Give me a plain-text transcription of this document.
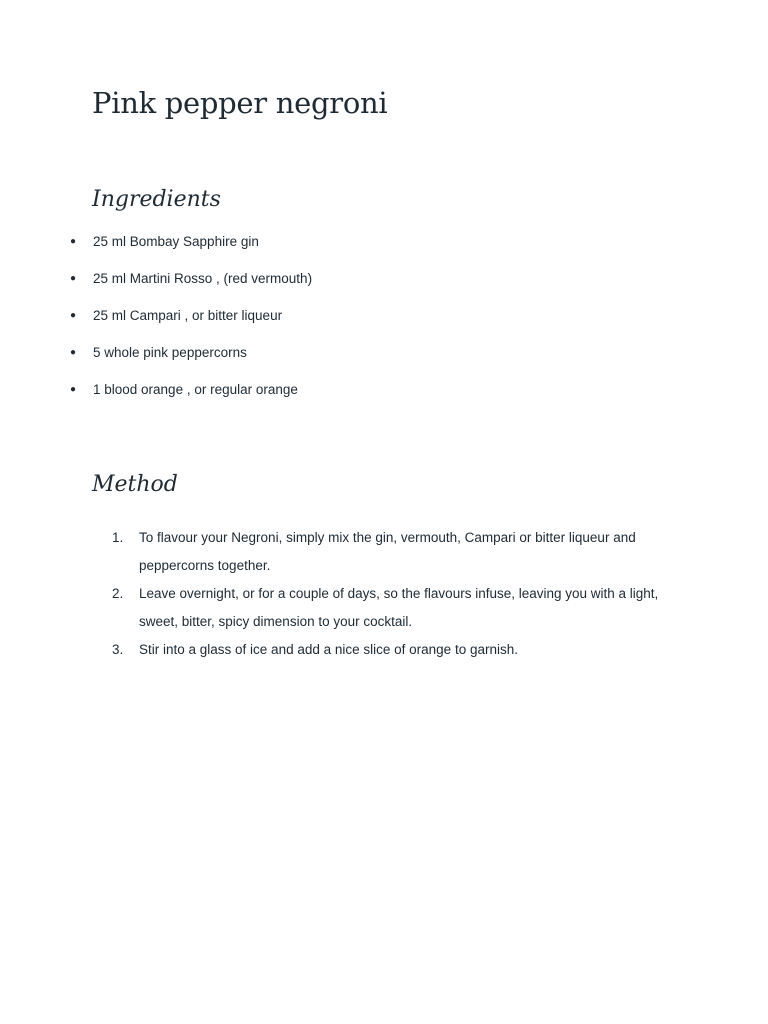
Pink pepper negroni
Ingredients
● 25 ml Bombay Sapphire gin
● 25 ml Martini Rosso , (red vermouth)
● 25 ml Campari , or bitter liqueur
● 5 whole pink peppercorns
● 1 blood orange , or regular orange
Method
1.	To flavour your Negroni, simply mix the gin, vermouth, Campari or bitter liqueur and peppercorns together.
2.	Leave overnight, or for a couple of days, so the flavours infuse, leaving you with a light, sweet, bitter, spicy dimension to your cocktail.
3.	Stir into a glass of ice and add a nice slice of orange to garnish.
